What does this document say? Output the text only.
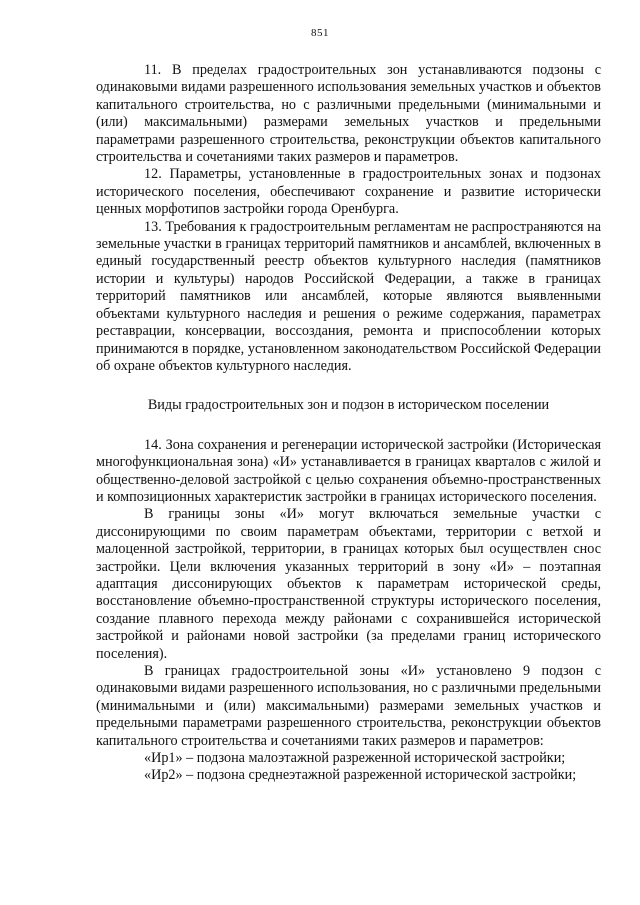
851

11. В пределах градостроительных зон устанавливаются подзоны с одинаковыми видами разрешенного использования земельных участков и объектов капитального строительства, но с различными предельными (минимальными и (или) максимальными) размерами земельных участков и предельными параметрами разрешенного строительства, реконструкции объектов капитального строительства и сочетаниями таких размеров и параметров.

12. Параметры, установленные в градостроительных зонах и подзонах исторического поселения, обеспечивают сохранение и развитие исторически ценных морфотипов застройки города Оренбурга.

13. Требования к градостроительным регламентам не распространяются на земельные участки в границах территорий памятников и ансамблей, включенных в единый государственный реестр объектов культурного наследия (памятников истории и культуры) народов Российской Федерации, а также в границах территорий памятников или ансамблей, которые являются выявленными объектами культурного наследия и решения о режиме содержания, параметрах реставрации, консервации, воссоздания, ремонта и приспособлении которых принимаются в порядке, установленном законодательством Российской Федерации об охране объектов культурного наследия.

Виды градостроительных зон и подзон в историческом поселении

14. Зона сохранения и регенерации исторической застройки (Историческая многофункциональная зона) «И» устанавливается в границах кварталов с жилой и общественно-деловой застройкой с целью сохранения объемно-пространственных и композиционных характеристик застройки в границах исторического поселения.

В границы зоны «И» могут включаться земельные участки с диссонирующими по своим параметрам объектами, территории с ветхой и малоценной застройкой, территории, в границах которых был осуществлен снос застройки. Цели включения указанных территорий в зону «И» – поэтапная адаптация диссонирующих объектов к параметрам исторической среды, восстановление объемно-пространственной структуры исторического поселения, создание плавного перехода между районами с сохранившейся исторической застройкой и районами новой застройки (за пределами границ исторического поселения).

В границах градостроительной зоны «И» установлено 9 подзон с одинаковыми видами разрешенного использования, но с различными предельными (минимальными и (или) максимальными) размерами земельных участков и предельными параметрами разрешенного строительства, реконструкции объектов капитального строительства и сочетаниями таких размеров и параметров:

«Ир1» – подзона малоэтажной разреженной исторической застройки;

«Ир2» – подзона среднеэтажной разреженной исторической застройки;
